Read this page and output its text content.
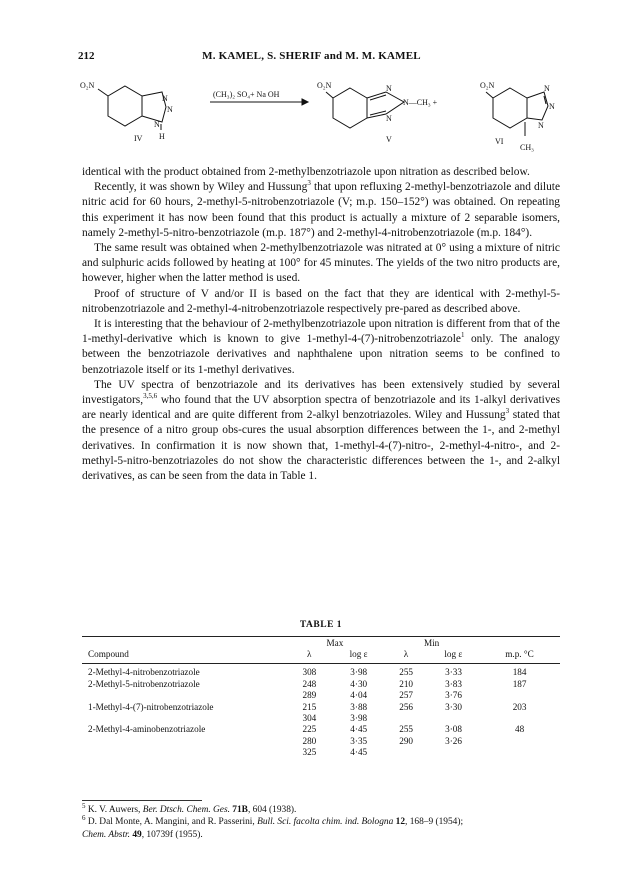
212	M. KAMEL, S. SHERIF and M. M. KAMEL
O₂N
N
N
N
H
IV
(CH₃)₂ SO₄+ Na OH
O₂N	N
N—CH₃ +
N
V
O₂N	N
N
N
CH₃
VI

identical with the product obtained from 2-methylbenzotriazole upon nitration as described below.

Recently, it was shown by Wiley and Hussung$^3$ that upon refluxing 2-methyl-benzotriazole and dilute nitric acid for 60 hours, 2-methyl-5-nitrobenzotriazole (V; m.p. 150–152°) was obtained. On repeating this experiment it has now been found that this product is actually a mixture of 2 separable isomers, namely 2-methyl-5-nitro-benzotriazole (m.p. 187°) and 2-methyl-4-nitrobenzotriazole (m.p. 184°).

The same result was obtained when 2-methylbenzotriazole was nitrated at 0° using a mixture of nitric and sulphuric acids followed by heating at 100° for 45 minutes. The yields of the two nitro products are, however, higher when the latter method is used.

Proof of structure of V and/or II is based on the fact that they are identical with 2-methyl-5-nitrobenzotriazole and 2-methyl-4-nitrobenzotriazole respectively pre-pared as described above.

It is interesting that the behaviour of 2-methylbenzotriazole upon nitration is different from that of the 1-methyl-derivative which is known to give 1-methyl-4-(7)-nitrobenzotriazole$^1$ only. The analogy between the benzotriazole derivatives and naphthalene upon nitration seems to be confined to benzotriazole itself or its 1-methyl derivatives.

The UV spectra of benzotriazole and its derivatives has been extensively studied by several investigators,$^{3,5,6}$ who found that the UV absorption spectra of benzotriazole and its 1-alkyl derivatives are nearly identical and are quite different from 2-alkyl benzotriazoles. Wiley and Hussung$^3$ stated that the presence of a nitro group obs-cures the usual absorption differences between the 1-, and 2-methyl derivatives. In confirmation it is now shown that, 1-methyl-4-(7)-nitro-, 2-methyl-4-nitro-, and 2-methyl-5-nitro-benzotriazoles do not show the characteristic differences between the 1-, and 2-alkyl derivatives, as can be seen from the data in Table 1.

TABLE 1
	Max		Min		
Compound	λ	log ε	λ	log ε	m.p. °C
2-Methyl-4-nitrobenzotriazole	308	3·98	255	3·33	184
2-Methyl-5-nitrobenzotriazole	248	4·30	210	3·83	187
	289	4·04	257	3·76	
1-Methyl-4-(7)-nitrobenzotriazole	215	3·88	256	3·30	203
	304	3·98			
2-Methyl-4-aminobenzotriazole	225	4·45	255	3·08	48
	280	3·35	290	3·26	
	325	4·45			

$^5$ K. V. Auwers, Ber. Dtsch. Chem. Ges. 71B, 604 (1938).

$^6$ D. Dal Monte, A. Mangini, and R. Passerini, Bull. Sci. facolta chim. ind. Bologna 12, 168–9 (1954);

Chem. Abstr. 49, 10739f (1955).
